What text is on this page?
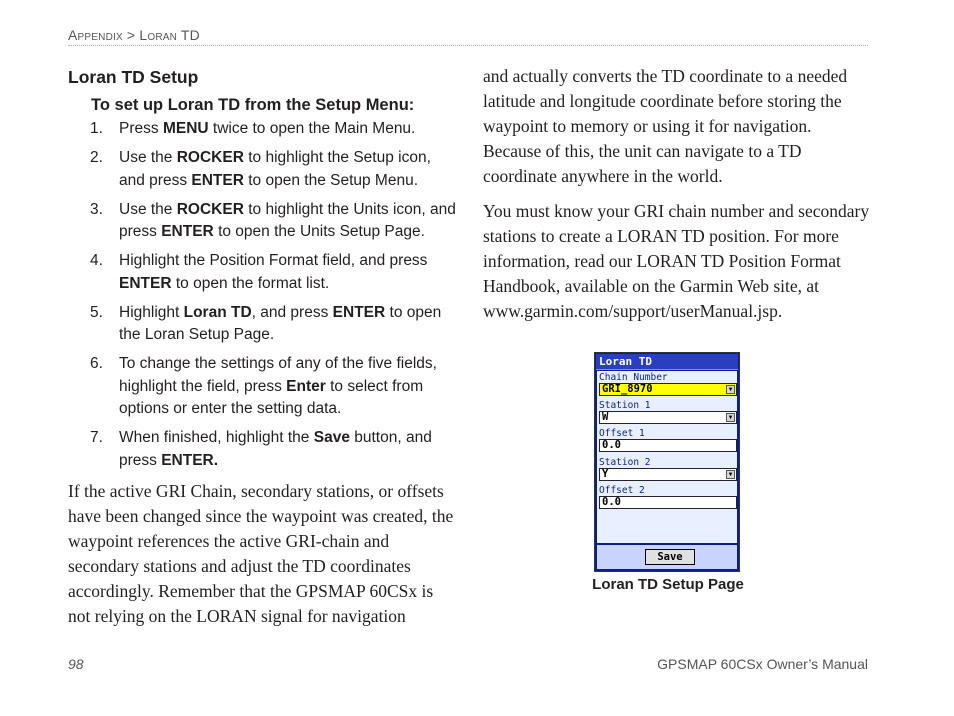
Appendix > Loran TD
Loran TD Setup
To set up Loran TD from the Setup Menu:
1. Press MENU twice to open the Main Menu.
2. Use the ROCKER to highlight the Setup icon, and press ENTER to open the Setup Menu.
3. Use the ROCKER to highlight the Units icon, and press ENTER to open the Units Setup Page.
4. Highlight the Position Format field, and press ENTER to open the format list.
5. Highlight Loran TD, and press ENTER to open the Loran Setup Page.
6. To change the settings of any of the five fields, highlight the field, press Enter to select from options or enter the setting data.
7. When finished, highlight the Save button, and press ENTER.

If the active GRI Chain, secondary stations, or offsets have been changed since the waypoint was created, the waypoint references the active GRI-chain and secondary stations and adjust the TD coordinates accordingly. Remember that the GPSMAP 60CSx is not relying on the LORAN signal for navigation

and actually converts the TD coordinate to a needed latitude and longitude coordinate before storing the waypoint to memory or using it for navigation. Because of this, the unit can navigate to a TD coordinate anywhere in the world.

You must know your GRI chain number and secondary stations to create a LORAN TD position. For more information, read our LORAN TD Position Format Handbook, available on the Garmin Web site, at www.garmin.com/support/userManual.jsp.

Loran TD
Chain Number
GRI_8970	▼
Station 1
W	▼
Offset 1
0.0
Station 2
Y	▼
Offset 2
0.0
Save
Loran TD Setup Page
98	GPSMAP 60CSx Owner’s Manual
